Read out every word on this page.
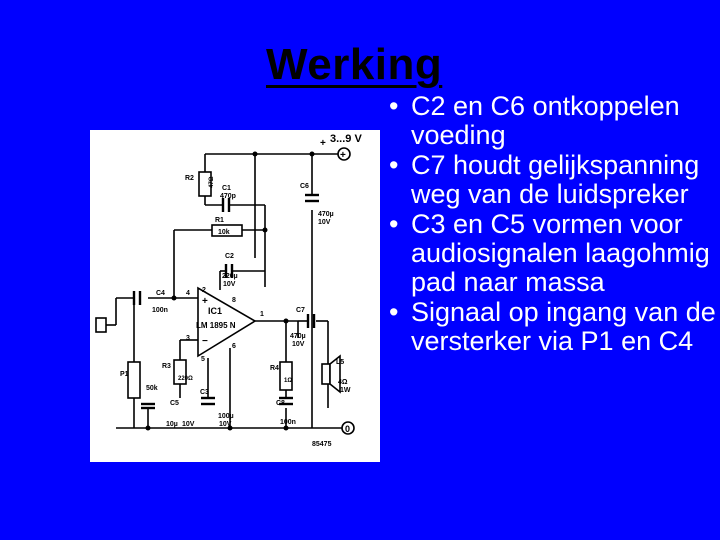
Werking
+
0
+ 3...9 V
R2	47Ω
C1
470p
R1
10k
C2
220µ
10V
C6
470µ
10V
C4
100n	C7
470µ
10V
L5
4Ω
1W
R4
1Ω
R3
220Ω
P1
50k
C5
10µ 10V
C3
100µ
10V
C8
100n
85475
IC1
LM 1895 N
4 2
8
1
3
5
6
−
+
• C2 en C6 ontkoppelen voeding
• C7 houdt gelijkspanning weg van de luidspreker
• C3 en C5 vormen voor audiosignalen laagohmig pad naar massa
• Signaal op ingang van de versterker via P1 en C4
